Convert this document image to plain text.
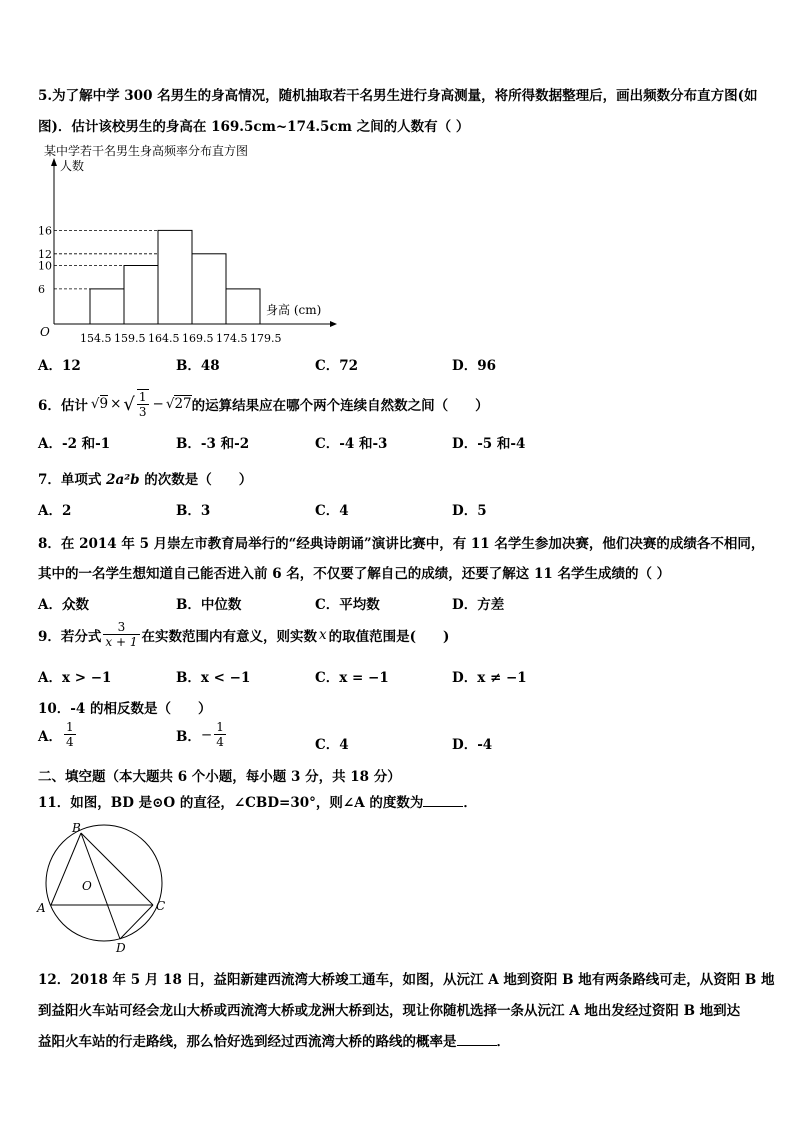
5.为了解中学 300 名男生的身高情况，随机抽取若干名男生进行身高测量，将所得数据整理后，画出频数分布直方图(如
图)．估计该校男生的身高在 169.5cm~174.5cm 之间的人数有（ ）
某中学若干名男生身高频率分布直方图
人数
身高 (cm)
O
6
10
12
16
154.5 159.5 164.5 169.5 174.5 179.5
A．12	B．48	C．72	D．96
6．估计 √9 × √ $\frac{1}{3} - √27$ 的运算结果应在哪个两个连续自然数之间（　　）
A．-2 和-1	B．-3 和-2	C．-4 和-3	D．-5 和-4
7．单项式 2a²b 的次数是（　　）
A．2	B．3	C．4	D．5
8．在 2014 年 5 月崇左市教育局举行的“经典诗朗诵”演讲比赛中，有 11 名学生参加决赛，他们决赛的成绩各不相同，
其中的一名学生想知道自己能否进入前 6 名，不仅要了解自己的成绩，还要了解这 11 名学生成绩的（ ）
A．众数	B．中位数	C．平均数	D．方差
9．若分式 $\frac{3}{x + 1}$ 在实数范围内有意义，则实数 x 的取值范围是(　　)
A．x > −1	B．x < −1	C．x = −1	D．x ≠ −1
10．-4 的相反数是（　　）
A． $\frac{1}{4}$	B． − $\frac{1}{4}$	C．4	D．-4
二、填空题（本大题共 6 个小题，每小题 3 分，共 18 分）
11．如图，BD 是⊙O 的直径，∠CBD=30°，则∠A 的度数为	．
B
O
A	C
D
12．2018 年 5 月 18 日，益阳新建西流湾大桥竣工通车，如图，从沅江 A 地到资阳 B 地有两条路线可走，从资阳 B 地
到益阳火车站可经会龙山大桥或西流湾大桥或龙洲大桥到达，现让你随机选择一条从沅江 A 地出发经过资阳 B 地到达
益阳火车站的行走路线，那么恰好选到经过西流湾大桥的路线的概率是	．
